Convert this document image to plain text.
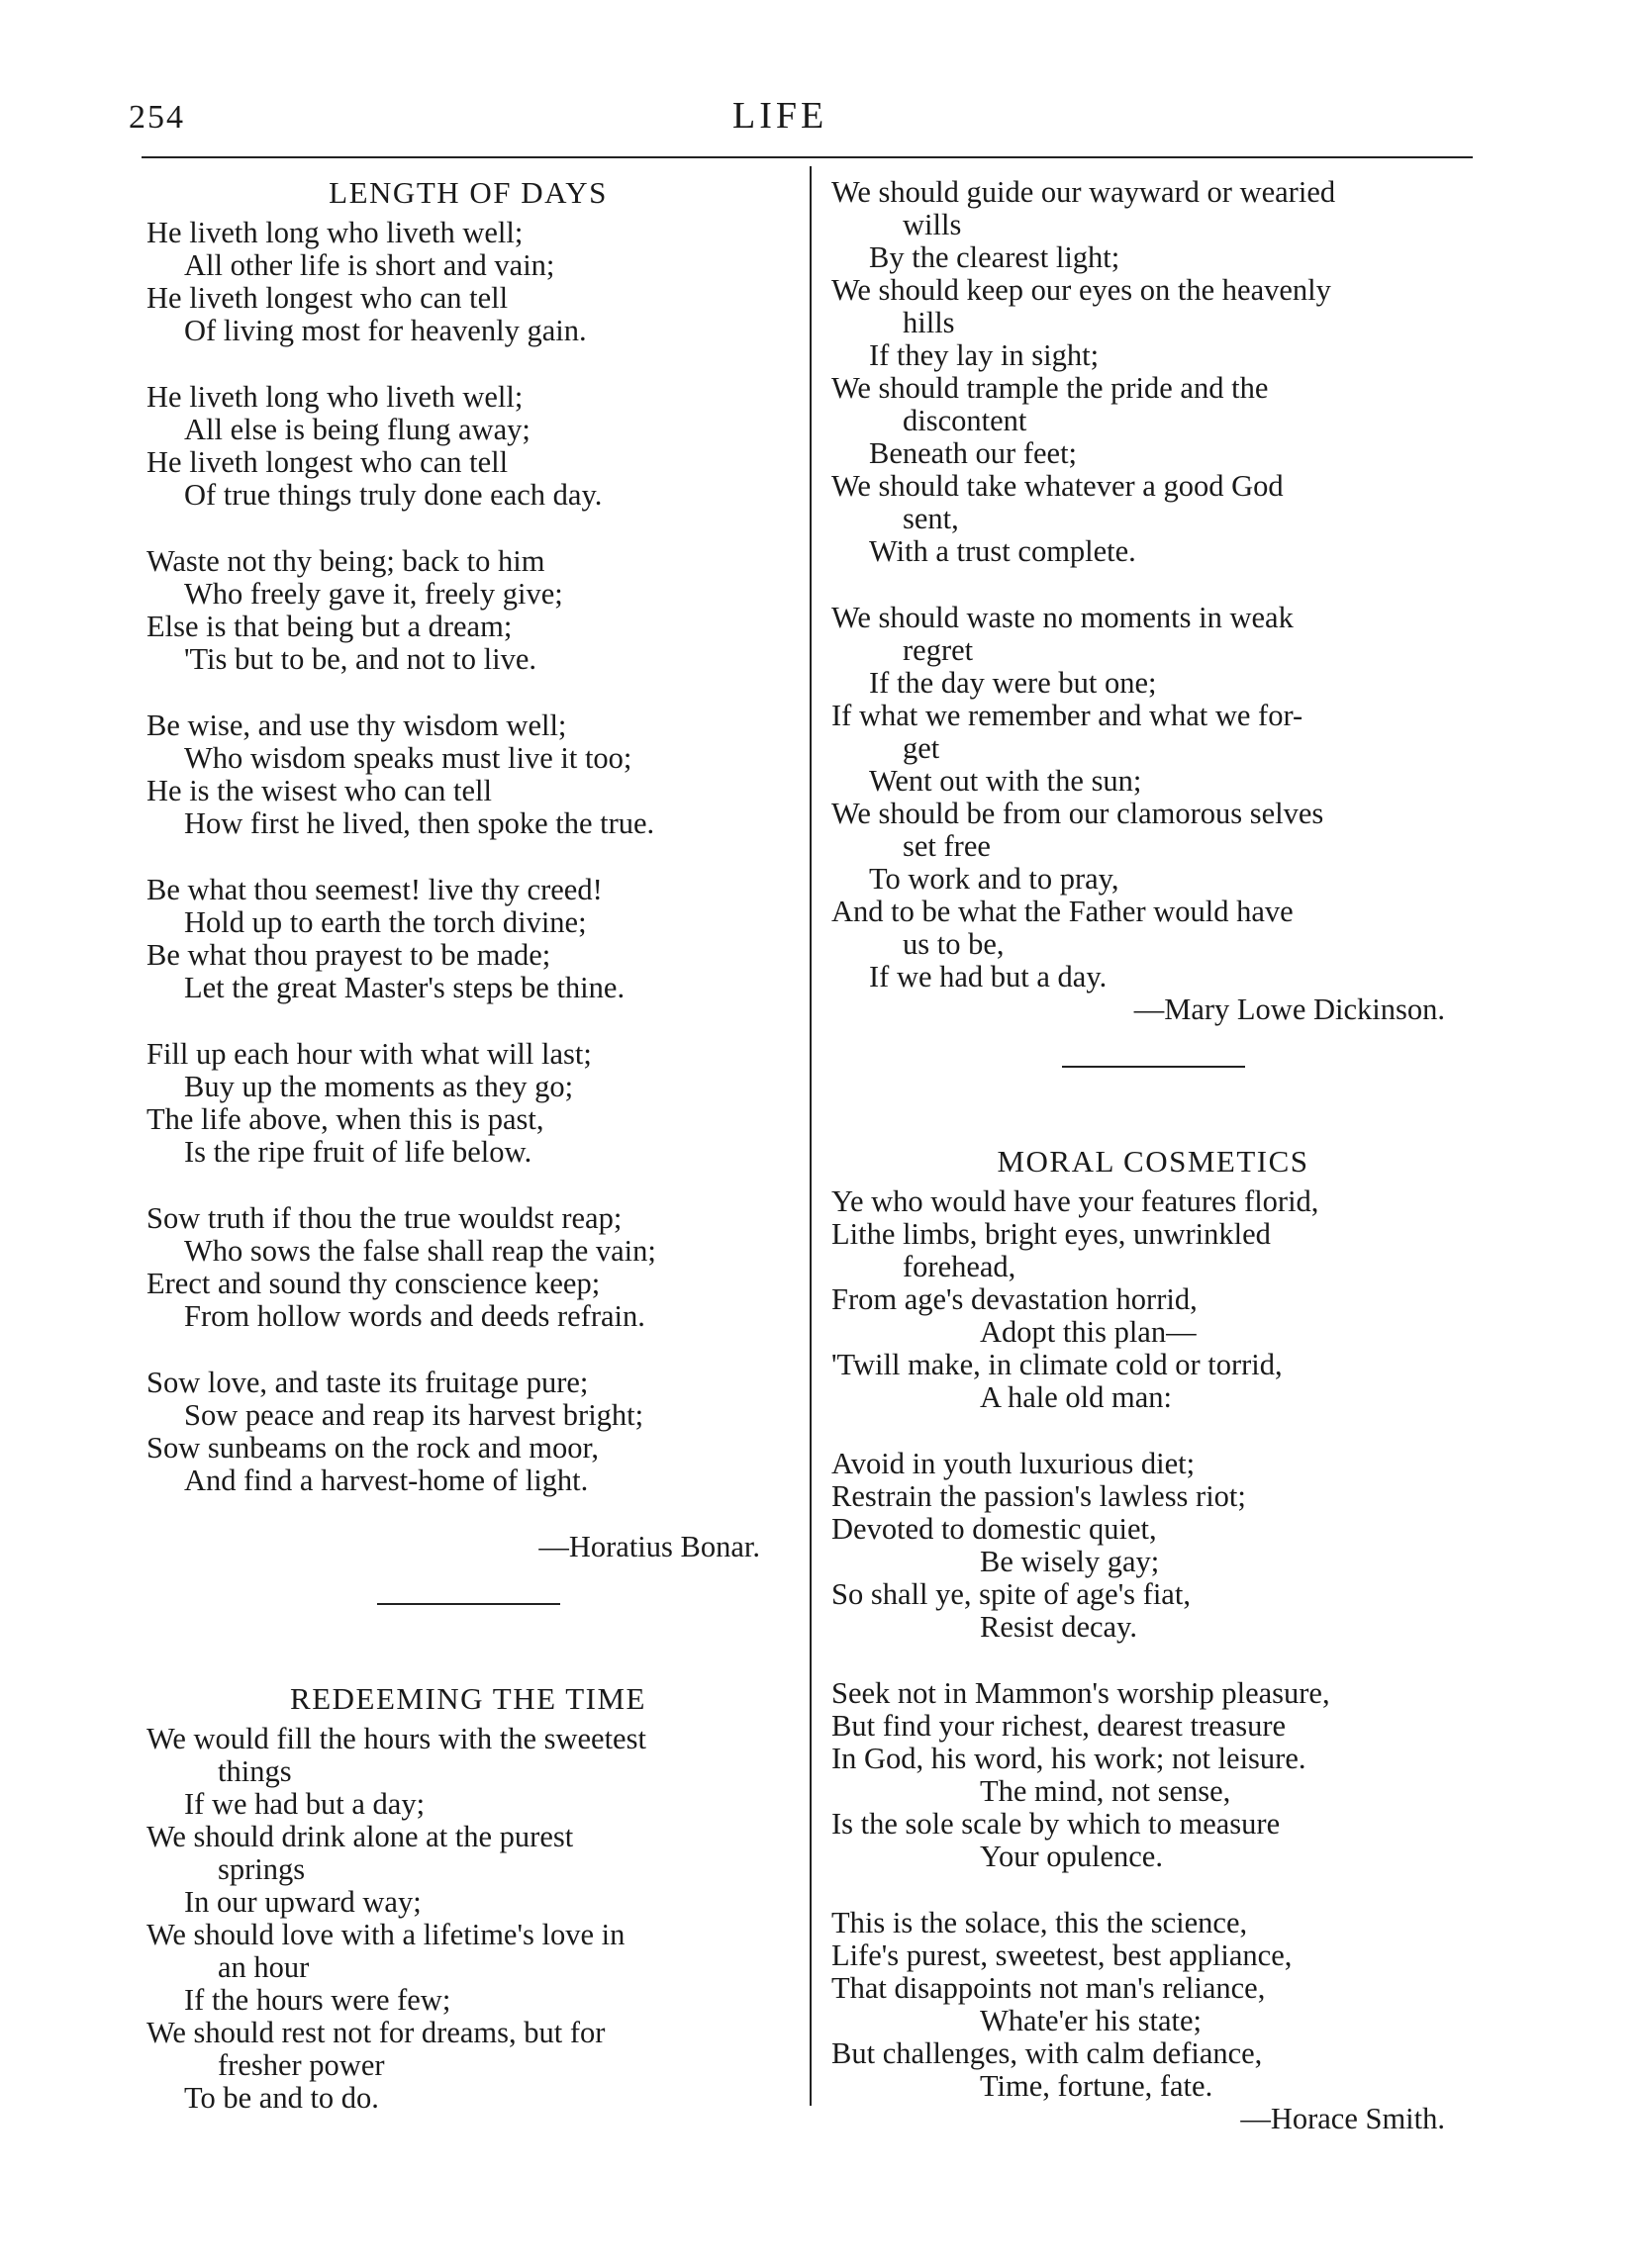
254	LIFE
LENGTH OF DAYS
He liveth long who liveth well;
All other life is short and vain;
He liveth longest who can tell
Of living most for heavenly gain.
He liveth long who liveth well;
All else is being flung away;
He liveth longest who can tell
Of true things truly done each day.
Waste not thy being; back to him
Who freely gave it, freely give;
Else is that being but a dream;
'Tis but to be, and not to live.
Be wise, and use thy wisdom well;
Who wisdom speaks must live it too;
He is the wisest who can tell
How first he lived, then spoke the true.
Be what thou seemest! live thy creed!
Hold up to earth the torch divine;
Be what thou prayest to be made;
Let the great Master's steps be thine.
Fill up each hour with what will last;
Buy up the moments as they go;
The life above, when this is past,
Is the ripe fruit of life below.
Sow truth if thou the true wouldst reap;
Who sows the false shall reap the vain;
Erect and sound thy conscience keep;
From hollow words and deeds refrain.
Sow love, and taste its fruitage pure;
Sow peace and reap its harvest bright;
Sow sunbeams on the rock and moor,
And find a harvest-home of light.
—Horatius Bonar.
REDEEMING THE TIME
We would fill the hours with the sweetest
things
If we had but a day;
We should drink alone at the purest
springs
In our upward way;
We should love with a lifetime's love in
an hour
If the hours were few;
We should rest not for dreams, but for
fresher power
To be and to do.
We should guide our wayward or wearied
wills
By the clearest light;
We should keep our eyes on the heavenly
hills
If they lay in sight;
We should trample the pride and the
discontent
Beneath our feet;
We should take whatever a good God
sent,
With a trust complete.
We should waste no moments in weak
regret
If the day were but one;
If what we remember and what we for-
get
Went out with the sun;
We should be from our clamorous selves
set free
To work and to pray,
And to be what the Father would have
us to be,
If we had but a day.
—Mary Lowe Dickinson.
MORAL COSMETICS
Ye who would have your features florid,
Lithe limbs, bright eyes, unwrinkled
forehead,
From age's devastation horrid,
Adopt this plan—
'Twill make, in climate cold or torrid,
A hale old man:
Avoid in youth luxurious diet;
Restrain the passion's lawless riot;
Devoted to domestic quiet,
Be wisely gay;
So shall ye, spite of age's fiat,
Resist decay.
Seek not in Mammon's worship pleasure,
But find your richest, dearest treasure
In God, his word, his work; not leisure.
The mind, not sense,
Is the sole scale by which to measure
Your opulence.
This is the solace, this the science,
Life's purest, sweetest, best appliance,
That disappoints not man's reliance,
Whate'er his state;
But challenges, with calm defiance,
Time, fortune, fate.
—Horace Smith.
